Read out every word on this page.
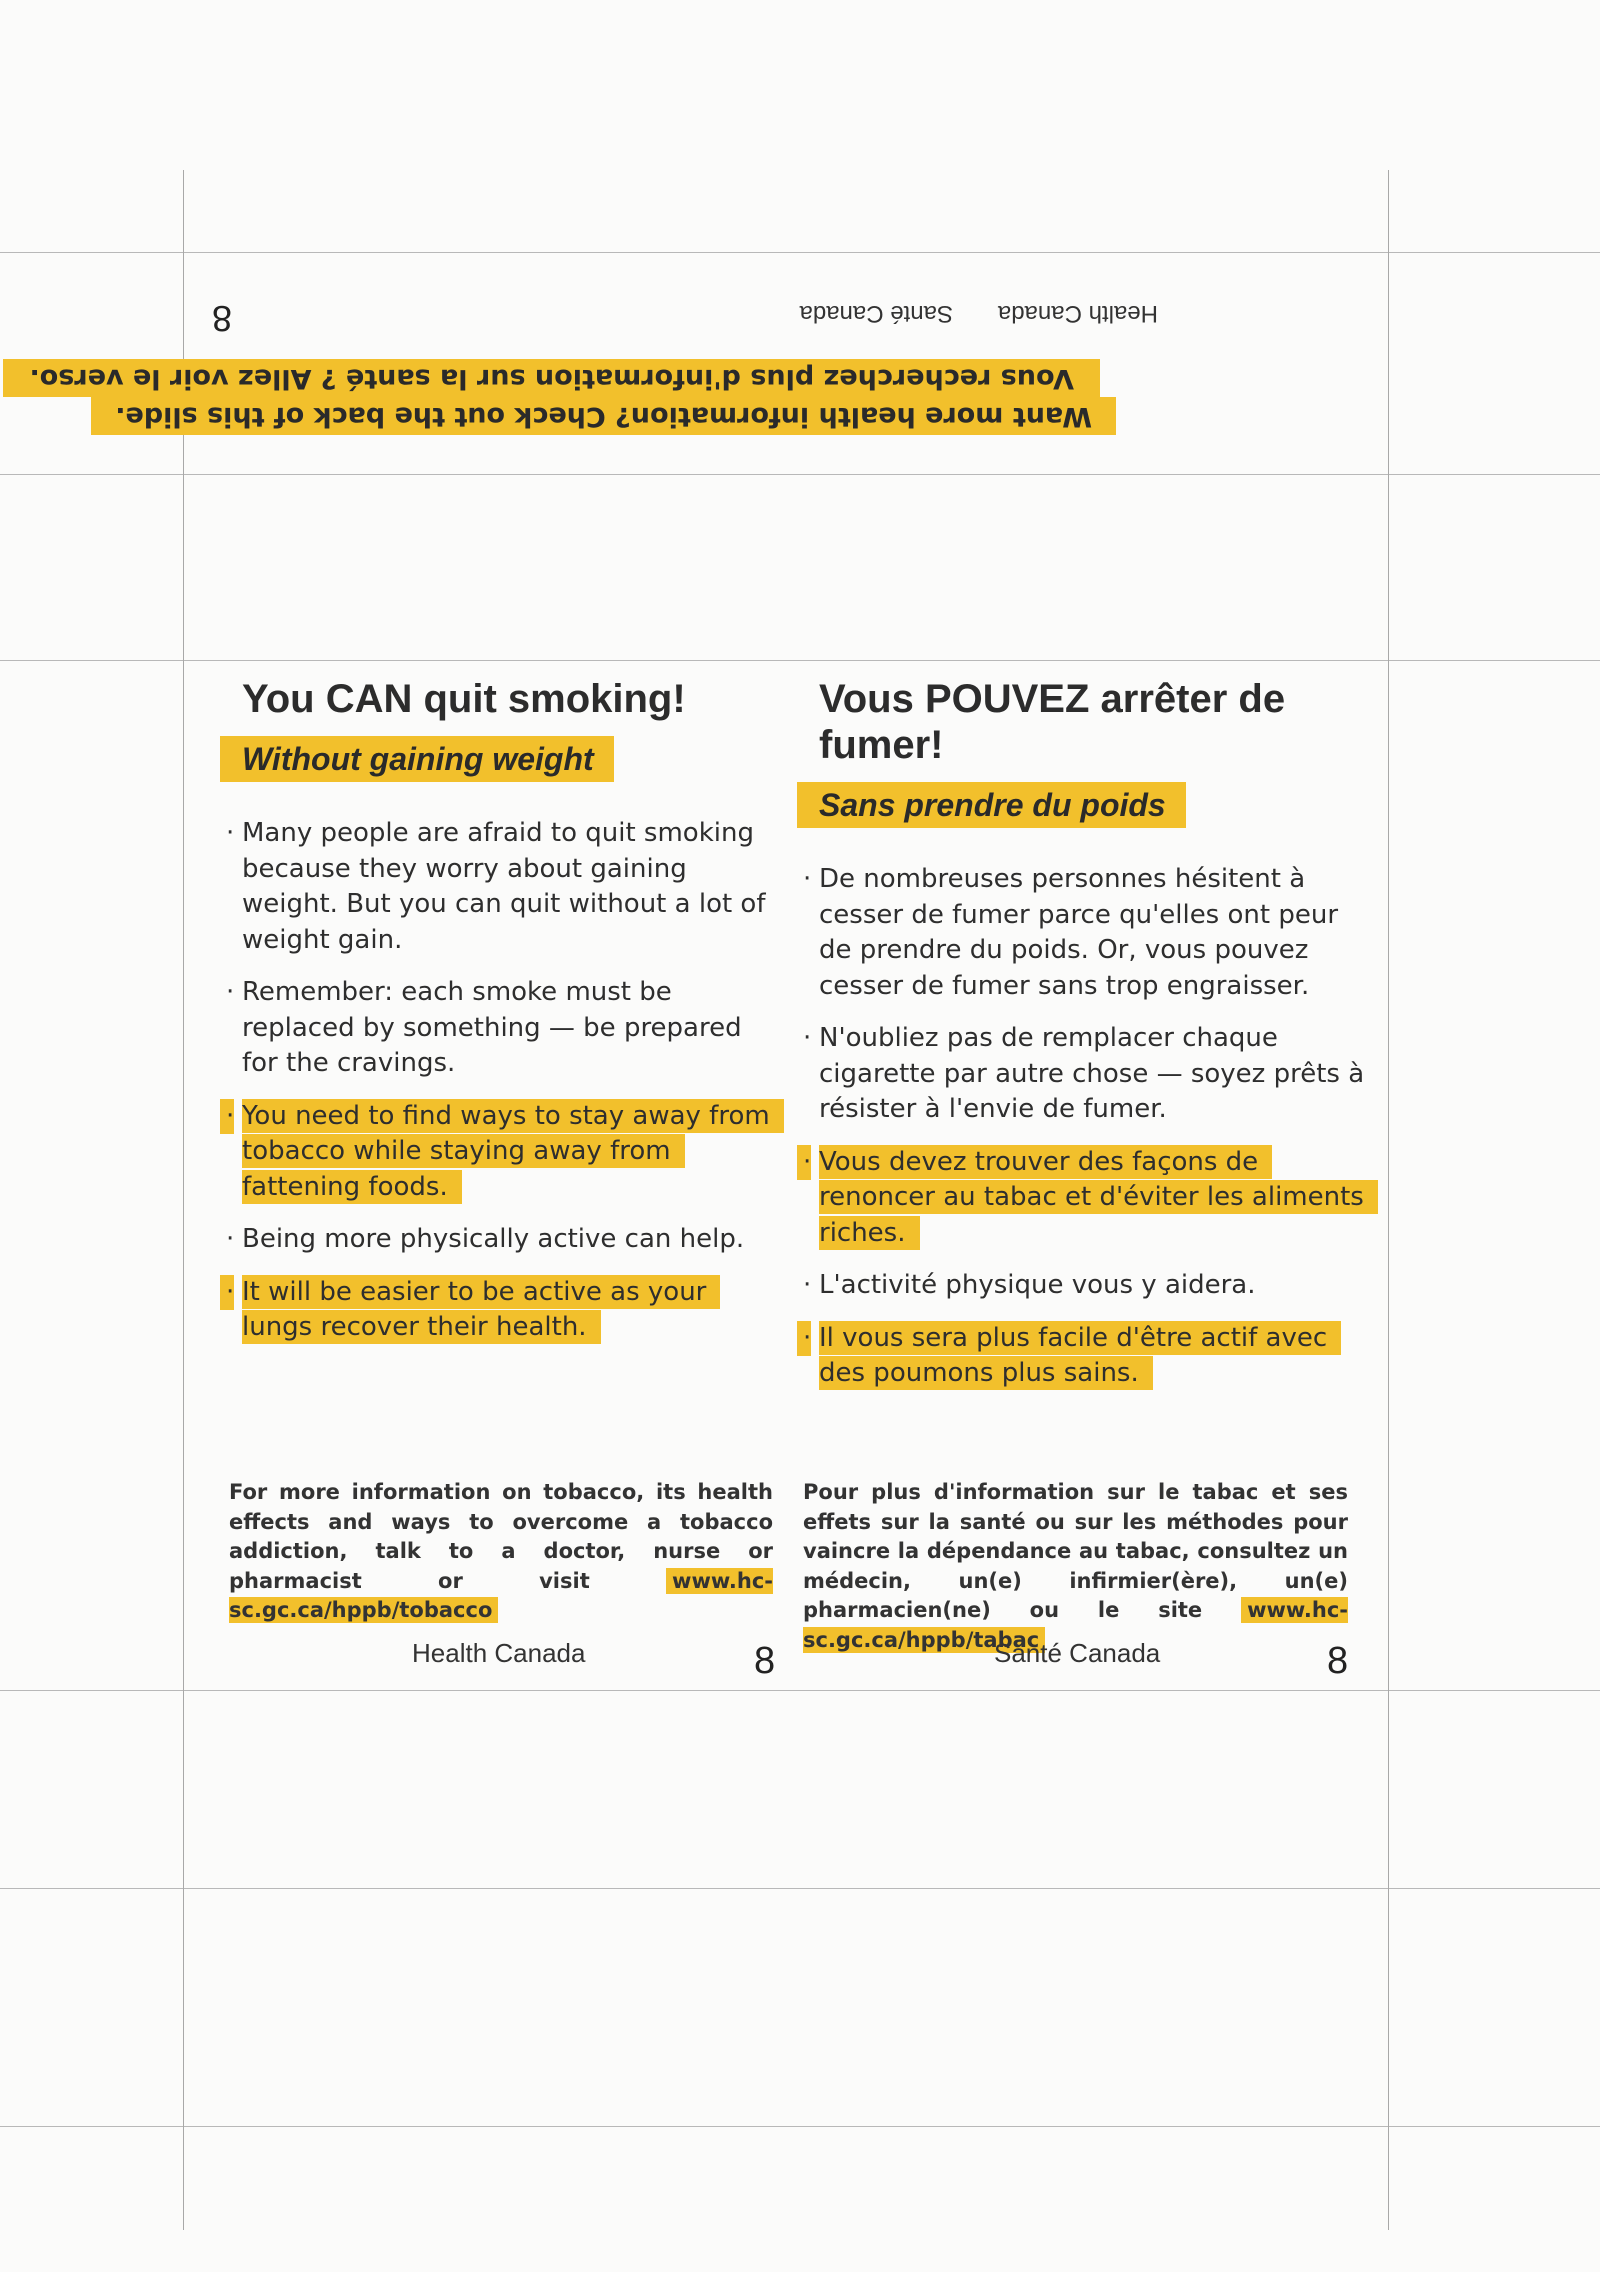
Want more health information? Check out the back of this slide.
Vous recherchez plus d'information sur la santé ? Allez voir le verso.
Health Canada
Santé Canada
8
You CAN quit smoking!
Without gaining weight
· Many people are afraid to quit smoking because they worry about gaining weight. But you can quit without a lot of weight gain.
· Remember: each smoke must be replaced by something — be prepared for the cravings.
· You need to find ways to stay away from tobacco while staying away from fattening foods.
· Being more physically active can help.
· It will be easier to be active as your lungs recover their health.
Vous POUVEZ arrêter de fumer!
Sans prendre du poids
· De nombreuses personnes hésitent à cesser de fumer parce qu'elles ont peur de prendre du poids. Or, vous pouvez cesser de fumer sans trop engraisser.
· N'oubliez pas de remplacer chaque cigarette par autre chose — soyez prêts à résister à l'envie de fumer.
· Vous devez trouver des façons de renoncer au tabac et d'éviter les aliments riches.
· L'activité physique vous y aidera.
· Il vous sera plus facile d'être actif avec des poumons plus sains.
For more information on tobacco, its health effects and ways to overcome a tobacco addiction, talk to a doctor, nurse or pharmacist or visit	www.hc-sc.gc.ca/hppb/tobacco
Pour plus d'information sur le tabac et ses effets sur la santé ou sur les méthodes pour vaincre la dépendance au tabac, consultez un médecin, un(e) infirmier(ère), un(e) pharmacien(ne) ou le site www.hc-sc.gc.ca/hppb/tabac
Health Canada	8	Santé Canada	8
